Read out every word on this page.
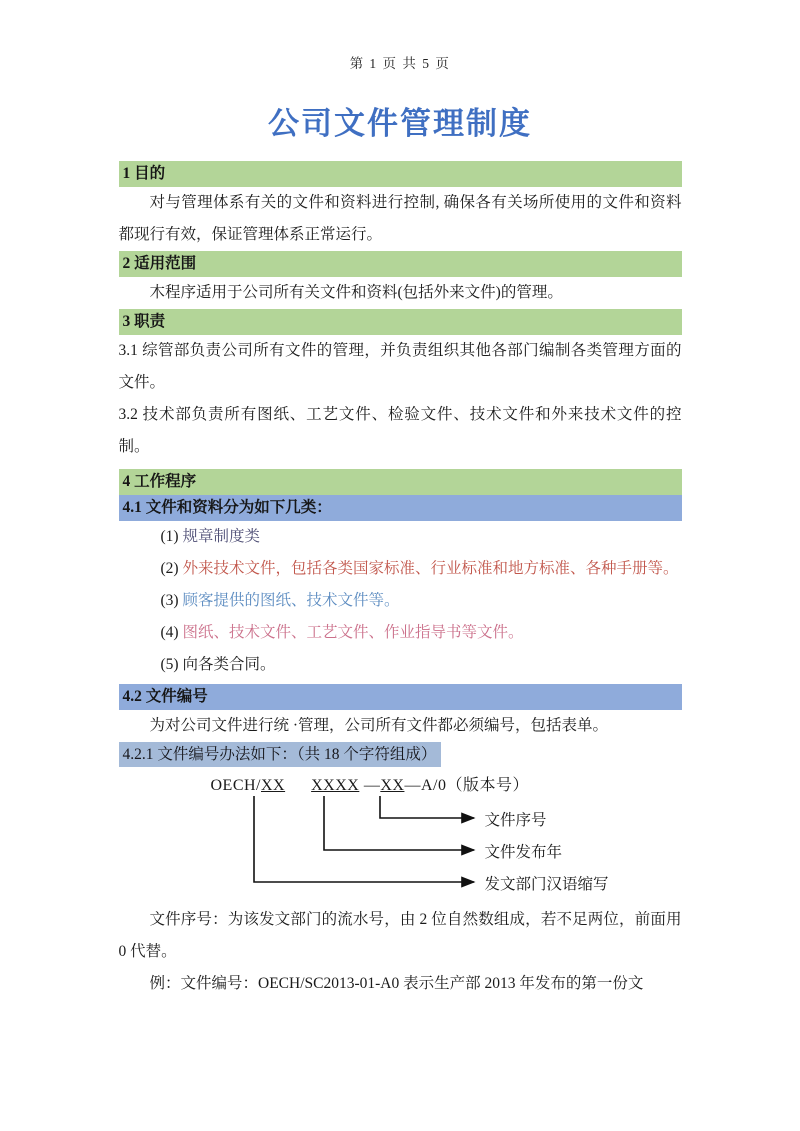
第 1 页 共 5 页
公司文件管理制度
1 目的

对与管理体系有关的文件和资料进行控制, 确保各有关场所使用的文件和资料都现行有效，保证管理体系正常运行。

2 适用范围

木程序适用于公司所有关文件和资料(包括外来文件)的管理。

3 职责

3.1 综管部负责公司所有文件的管理，并负责组织其他各部门编制各类管理方面的文件。

3.2 技术部负责所有图纸、工艺文件、检验文件、技术文件和外来技术文件的控制。

4 工作程序
4.1 文件和资料分为如下几类：
(1) 规章制度类
(2) 外来技术文件，包括各类国家标准、行业标准和地方标准、各种手册等。
(3) 顾客提供的图纸、技术文件等。
(4) 图纸、技术文件、工艺文件、作业指导书等文件。
(5) 向各类合同。
4.2 文件编号

为对公司文件进行统 ·管理，公司所有文件都必须编号，包括表单。

4.2.1 文件编号办法如下：（共 18 个字符组成）
OECH/XX XXXX —XX—A/0（版本号）
文件序号
文件发布年
发文部门汉语缩写

文件序号：为该发文部门的流水号，由 2 位自然数组成，若不足两位，前面用 0 代替。

例：文件编号：OECH/SC2013-01-A0 表示生产部 2013 年发布的第一份文
